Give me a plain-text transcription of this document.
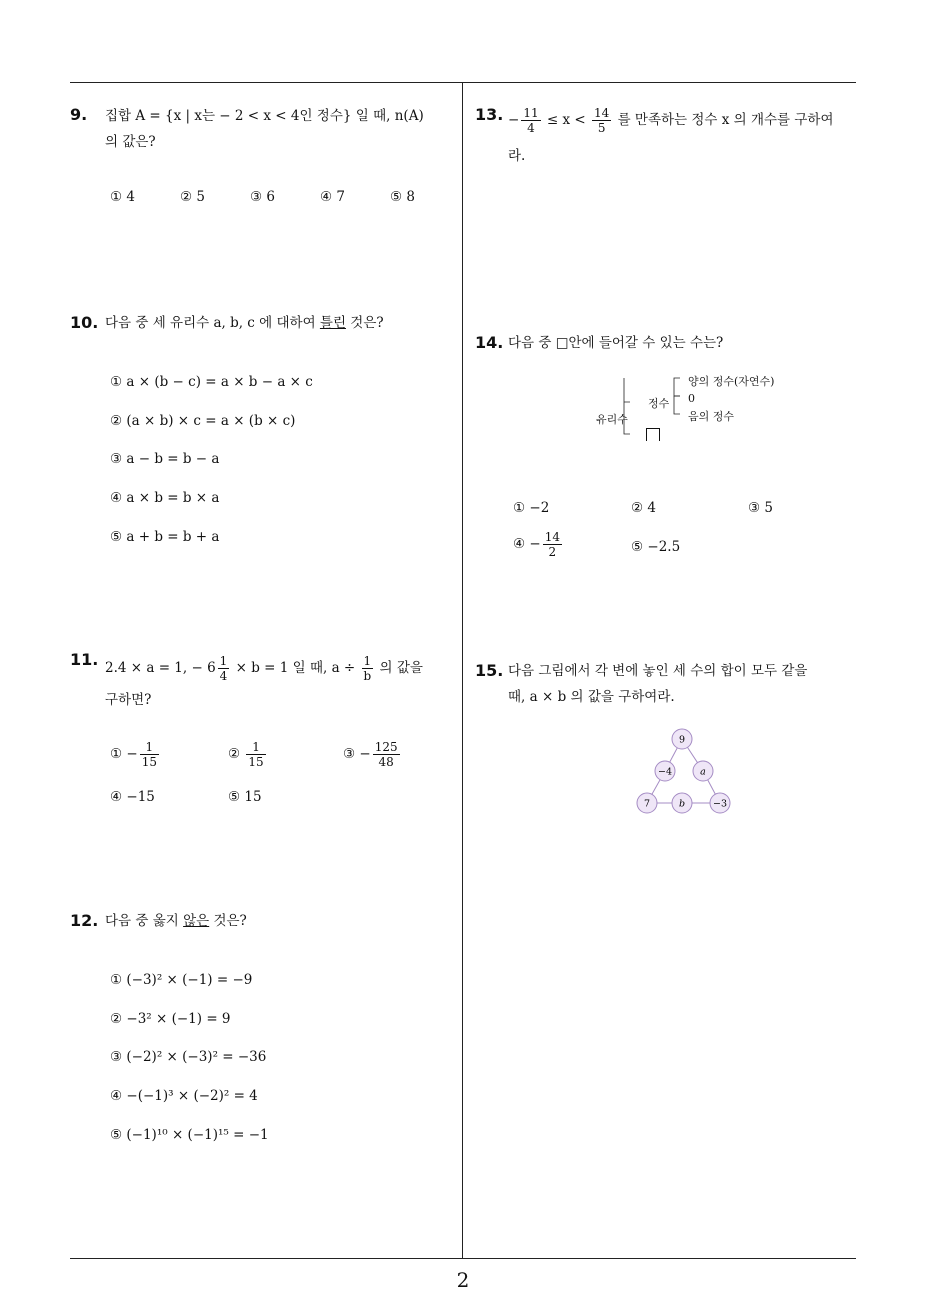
9. 집합 A = {x | x는 − 2 < x < 4인 정수} 일 때, n(A)
의 값은?
① 4	② 5	③ 6	④ 7	⑤ 8
10. 다음 중 세 유리수 a, b, c 에 대하여 틀린 것은?
① a × (b − c) = a × b − a × c
② (a × b) × c = a × (b × c)
③ a − b = b − a
④ a × b = b × a
⑤ a + b = b + a
11. 2.4 × a = 1, − $6 \frac{1}{4} \times b = 1$ 일 때, $a \div \frac{1}{b}$ 의 값을
구하면?
① − $\frac{1}{15}$	② $\frac{1}{15}$	③ − $\frac{125}{48}$
④ −15	⑤ 15
12. 다음 중 옳지 않은 것은?
① (−3)² × (−1) = −9
② −3² × (−1) = 9
③ (−2)² × (−3)² = −36
④ −(−1)³ × (−2)² = 4
⑤ (−1)¹⁰ × (−1)¹⁵ = −1
13. − $\frac{11}{4} \le x < \frac{14}{5}$ 를 만족하는 정수 x 의 개수를 구하여
라.
14. 다음 중 □안에 들어갈 수 있는 수는?
유리수
정수
양의 정수(자연수)
0
음의 정수
① −2	② 4	③ 5
④ − $\frac{14}{2}$	⑤ −2.5
15. 다음 그림에서 각 변에 놓인 세 수의 합이 모두 같을
때, a × b 의 값을 구하여라.
9
−4	a
7	b	−3
2
